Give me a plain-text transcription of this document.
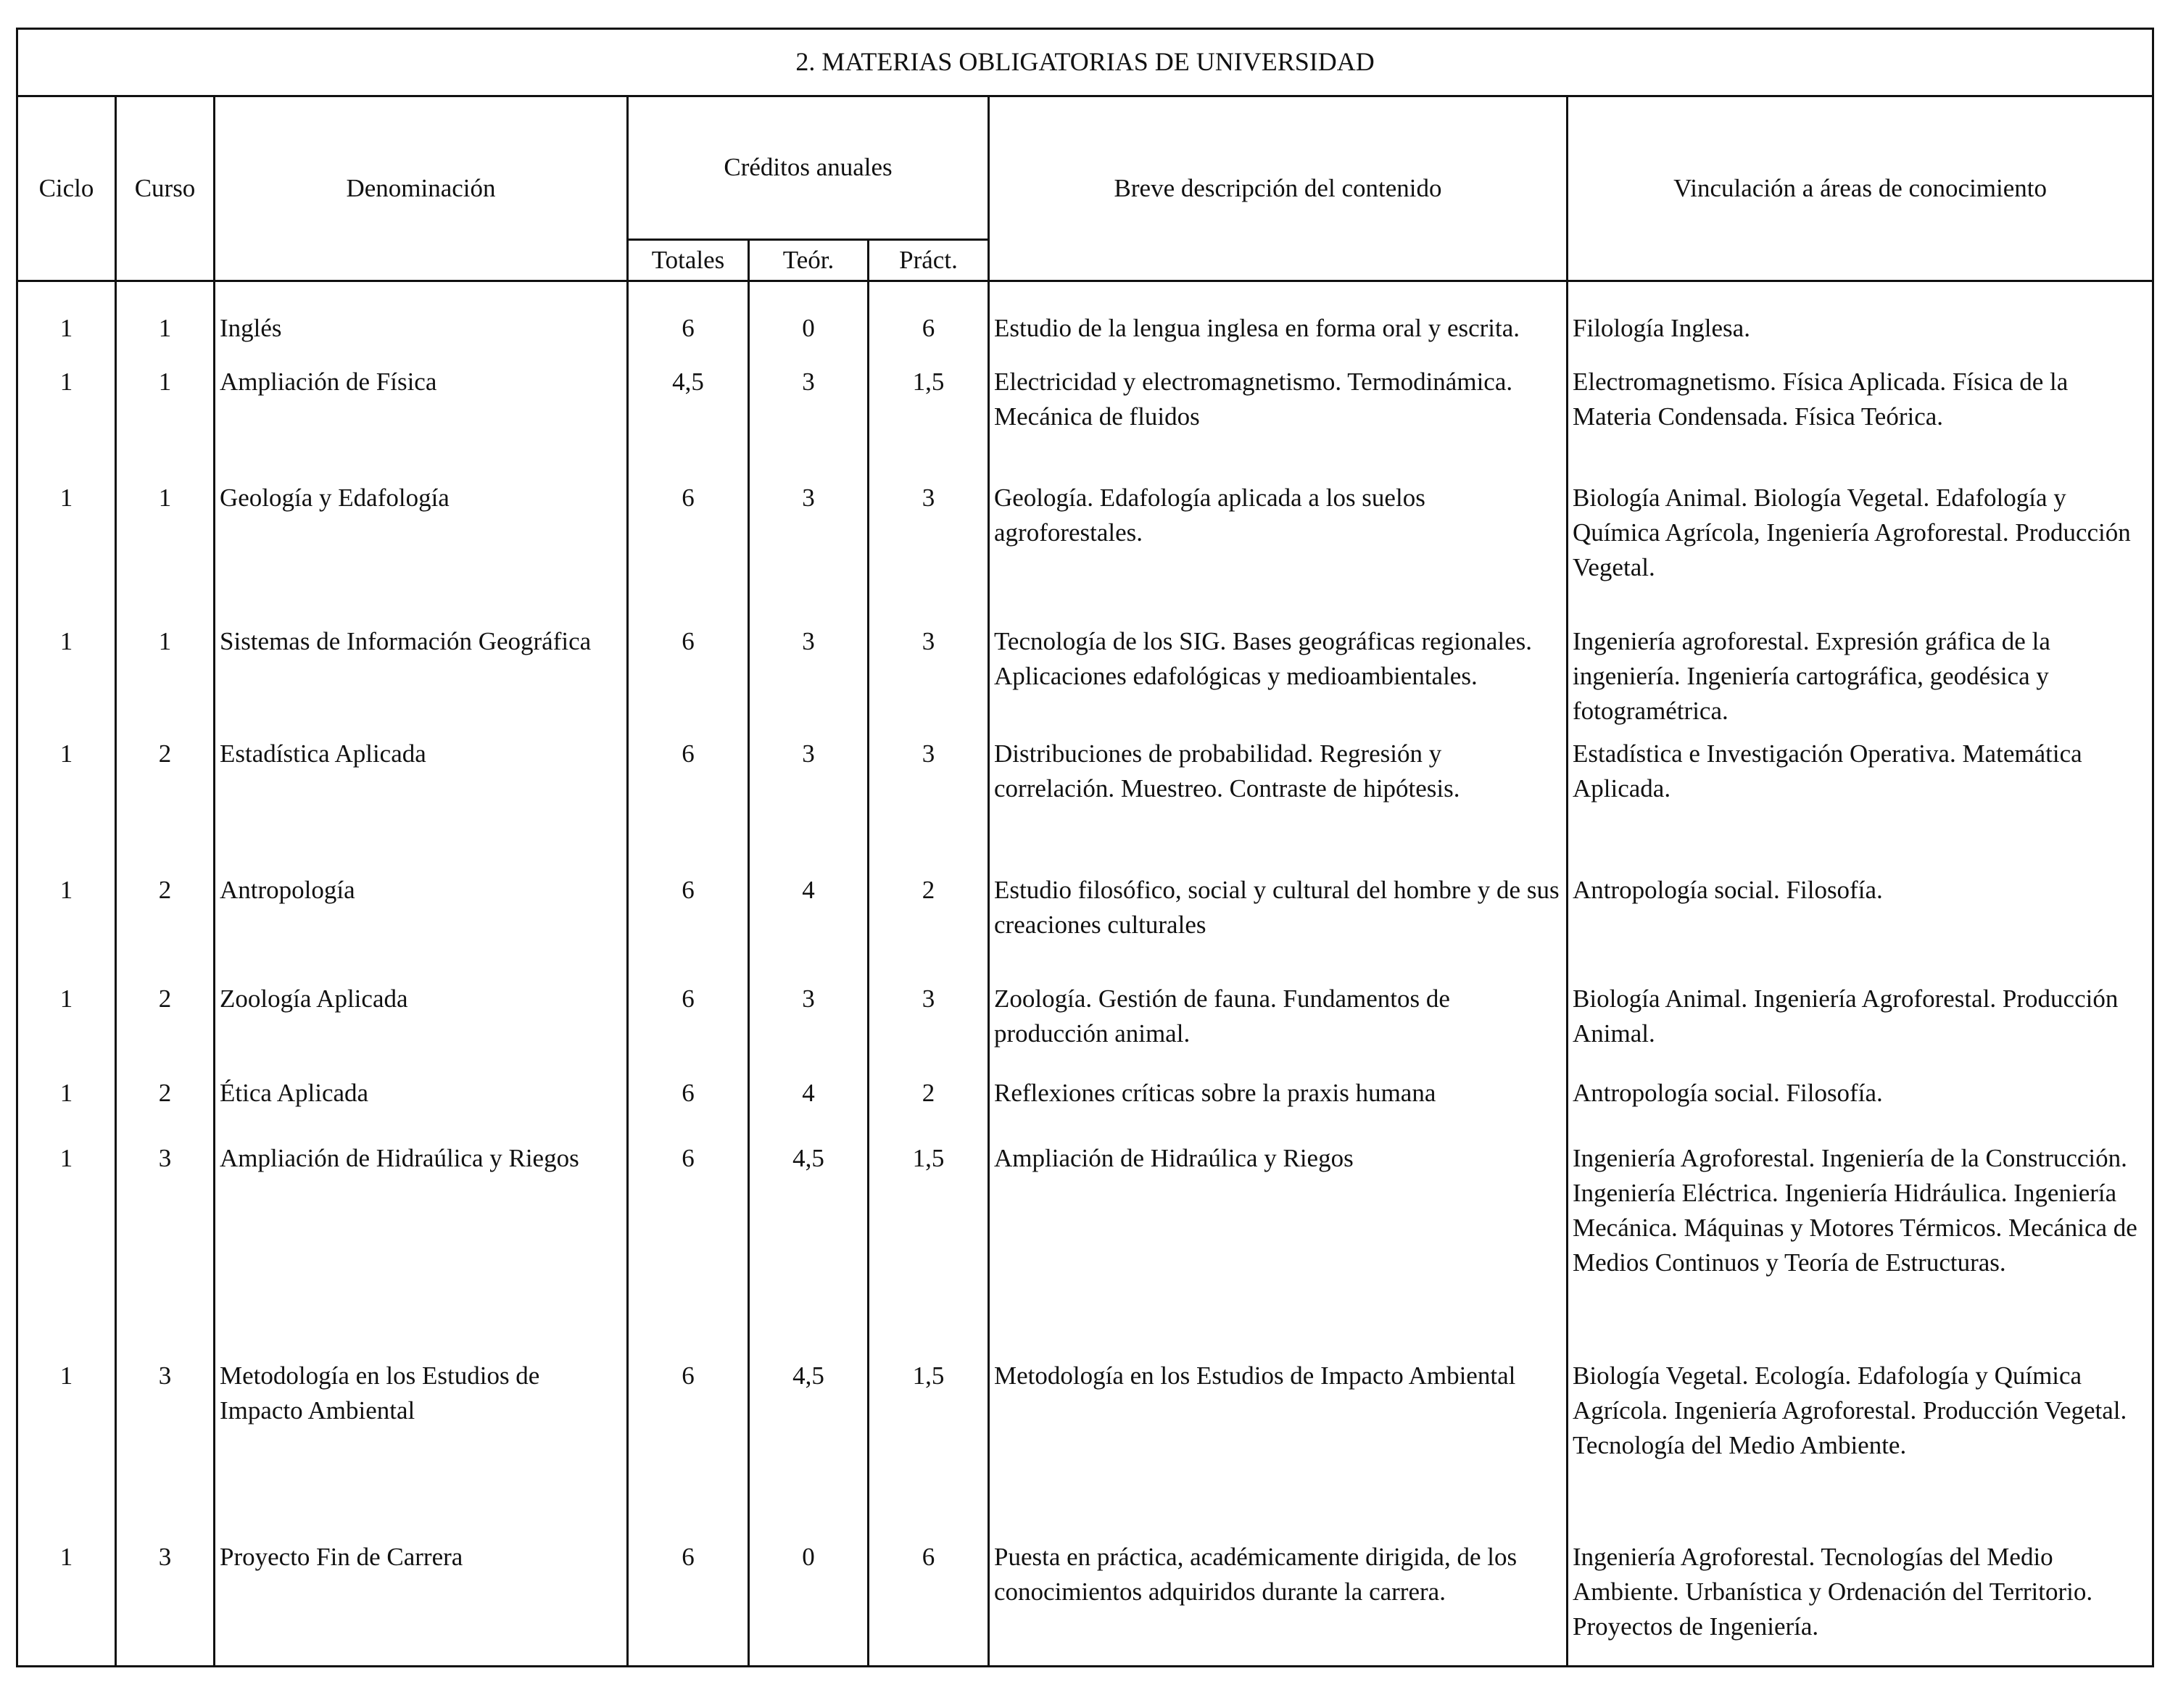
2. MATERIAS OBLIGATORIAS DE UNIVERSIDAD							
Ciclo	Curso	Denominación	Créditos anuales			Breve descripción del contenido	Vinculación a áreas de conocimiento
			Totales	Teór.	Práct.		
1	1	Inglés	6	0	6	Estudio de la lengua inglesa en forma oral y escrita.	Filología Inglesa.
1	1	Ampliación de Física	4,5	3	1,5	Electricidad y electromagnetismo. Termodinámica. Mecánica de fluidos	Electromagnetismo. Física Aplicada. Física de la Materia Condensada. Física Teórica.
1	1	Geología y Edafología	6	3	3	Geología. Edafología aplicada a los suelos agroforestales.	Biología Animal. Biología Vegetal. Edafología y Química Agrícola, Ingeniería Agroforestal. Producción Vegetal.
1	1	Sistemas de Información Geográfica	6	3	3	Tecnología de los SIG. Bases geográficas regionales. Aplicaciones edafológicas y medioambientales.	Ingeniería agroforestal. Expresión gráfica de la ingeniería. Ingeniería cartográfica, geodésica y fotogramétrica.
1	2	Estadística Aplicada	6	3	3	Distribuciones de probabilidad. Regresión y correlación. Muestreo. Contraste de hipótesis.	Estadística e Investigación Operativa. Matemática Aplicada.
1	2	Antropología	6	4	2	Estudio filosófico, social y cultural del hombre y de sus creaciones culturales	Antropología social. Filosofía.
1	2	Zoología Aplicada	6	3	3	Zoología. Gestión de fauna. Fundamentos de producción animal.	Biología Animal. Ingeniería Agroforestal. Producción Animal.
1	2	Ética Aplicada	6	4	2	Reflexiones críticas sobre la praxis humana	Antropología social. Filosofía.
1	3	Ampliación de Hidraúlica y Riegos	6	4,5	1,5	Ampliación de Hidraúlica y Riegos	Ingeniería Agroforestal. Ingeniería de la Construcción. Ingeniería Eléctrica. Ingeniería Hidráulica. Ingeniería Mecánica. Máquinas y Motores Térmicos. Mecánica de Medios Continuos y Teoría de Estructuras.
1	3	Metodología en los Estudios de Impacto Ambiental	6	4,5	1,5	Metodología en los Estudios de Impacto Ambiental	Biología Vegetal. Ecología. Edafología y Química Agrícola. Ingeniería Agroforestal. Producción Vegetal. Tecnología del Medio Ambiente.
1	3	Proyecto Fin de Carrera	6	0	6	Puesta en práctica, académicamente dirigida, de los conocimientos adquiridos durante la carrera.	Ingeniería Agroforestal. Tecnologías del Medio Ambiente. Urbanística y Ordenación del Territorio. Proyectos de Ingeniería.
